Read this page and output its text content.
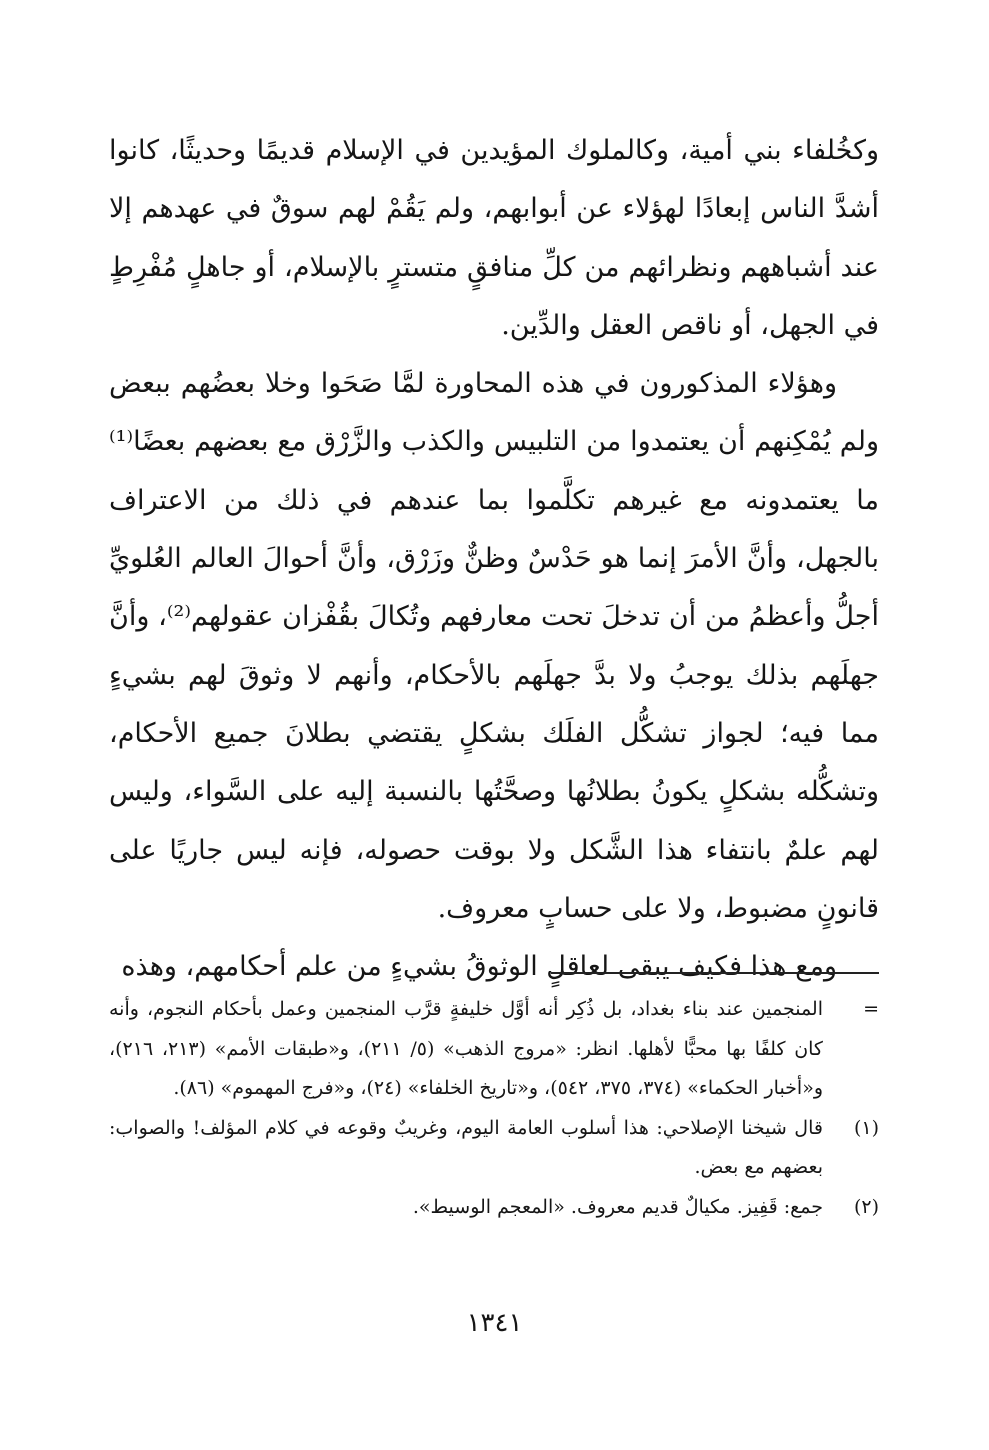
وكخُلفاء بني أمية، وكالملوك المؤيدين في الإسلام قديمًا وحديثًا، كانوا أشدَّ الناس إبعادًا لهؤلاء عن أبوابهم، ولم يَقُمْ لهم سوقٌ في عهدهم إلا عند أشباههم ونظرائهم من كلِّ منافقٍ متسترٍ بالإسلام، أو جاهلٍ مُفْرِطٍ في الجهل، أو ناقص العقل والدِّين.

وهؤلاء المذكورون في هذه المحاورة لمَّا صَحَوا وخلا بعضُهم ببعض ولم يُمْكِنهم أن يعتمدوا من التلبيس والكذب والزَّرْق مع بعضهم بعضًا⁽¹⁾ ما يعتمدونه مع غيرهم تكلَّموا بما عندهم في ذلك من الاعتراف بالجهل، وأنَّ الأمرَ إنما هو حَدْسٌ وظنٌّ وزَرْق، وأنَّ أحوالَ العالم العُلويِّ أجلُّ وأعظمُ من أن تدخلَ تحت معارفهم وتُكالَ بقُفْزان عقولهم⁽²⁾، وأنَّ جهلَهم بذلك يوجبُ ولا بدَّ جهلَهم بالأحكام، وأنهم لا وثوقَ لهم بشيءٍ مما فيه؛ لجواز تشكُّل الفلَك بشكلٍ يقتضي بطلانَ جميع الأحكام، وتشكُّله بشكلٍ يكونُ بطلانُها وصحَّتُها بالنسبة إليه على السَّواء، وليس لهم علمٌ بانتفاء هذا الشَّكل ولا بوقت حصوله، فإنه ليس جاريًا على قانونٍ مضبوط، ولا على حسابٍ معروف.

ومع هذا فكيف يبقى لعاقلٍ الوثوقُ بشيءٍ من علم أحكامهم، وهذه

=
المنجمين عند بناء بغداد، بل ذُكِر أنه أوَّل خليفةٍ قرَّب المنجمين وعمل بأحكام النجوم، وأنه كان كلفًا بها محبًّا لأهلها. انظر: «مروج الذهب» (٥/ ٢١١)، و«طبقات الأمم» (٢١٣، ٢١٦)، و«أخبار الحكماء» (٣٧٤، ٣٧٥، ٥٤٢)، و«تاريخ الخلفاء» (٢٤)، و«فرج المهموم» (٨٦).
(١)
قال شيخنا الإصلاحي: هذا أسلوب العامة اليوم، وغريبٌ وقوعه في كلام المؤلف! والصواب: بعضهم مع بعض.
(٢)
جمع: قَفِيز. مكيالٌ قديم معروف. «المعجم الوسيط».
١٣٤١
